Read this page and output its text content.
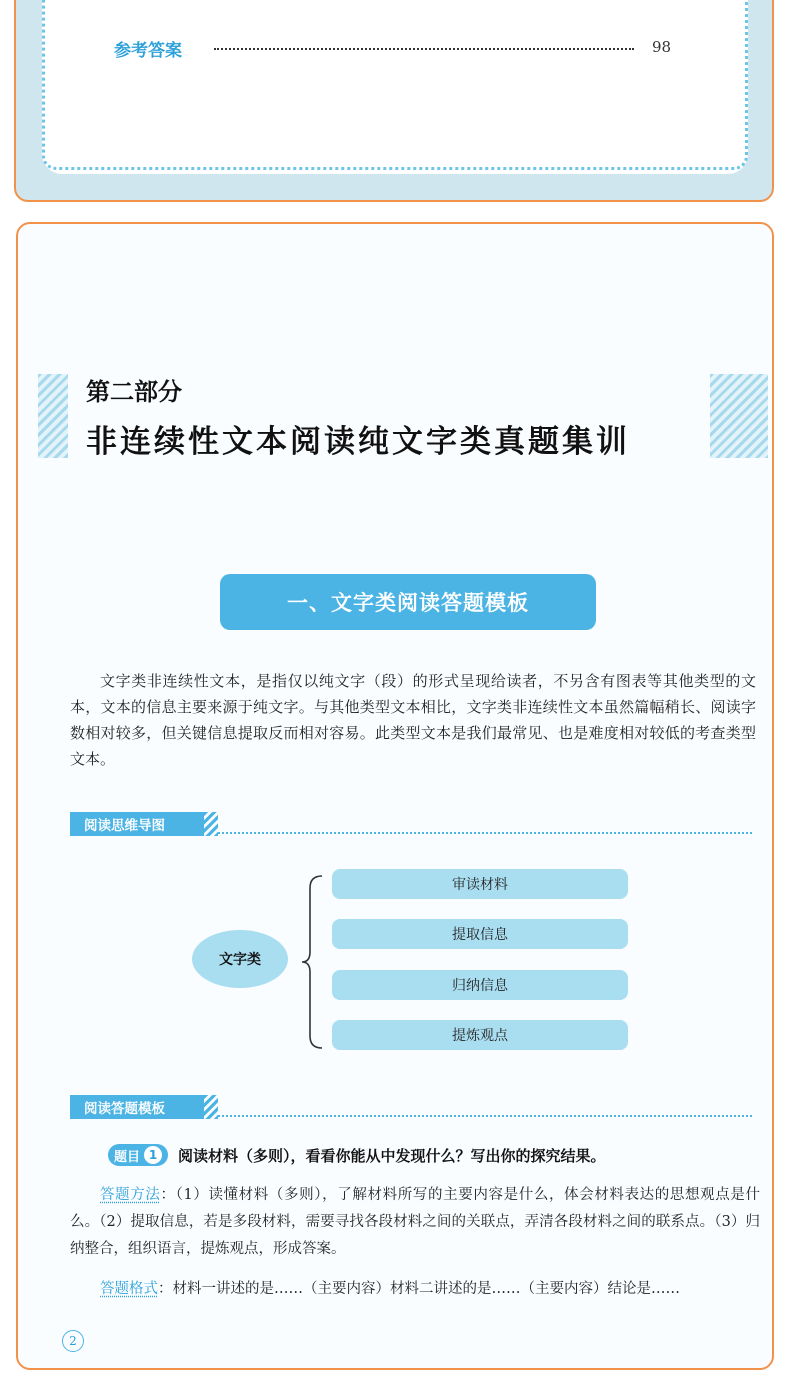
参考答案	98
第二部分
非连续性文本阅读纯文字类真题集训
一、文字类阅读答题模板

文字类非连续性文本，是指仅以纯文字（段）的形式呈现给读者，不另含有图表等其他类型的文本，文本的信息主要来源于纯文字。与其他类型文本相比，文字类非连续性文本虽然篇幅稍长、阅读字数相对较多，但关键信息提取反而相对容易。此类型文本是我们最常见、也是难度相对较低的考查类型文本。

阅读思维导图
文字类
审读材料
提取信息
归纳信息
提炼观点
阅读答题模板
题目 1	阅读材料（多则），看看你能从中发现什么？写出你的探究结果。

答题方法：（1）读懂材料（多则），了解材料所写的主要内容是什么，体会材料表达的思想观点是什么。（2）提取信息，若是多段材料，需要寻找各段材料之间的关联点，弄清各段材料之间的联系点。（3）归纳整合，组织语言，提炼观点，形成答案。

答题格式：材料一讲述的是……（主要内容）材料二讲述的是……（主要内容）结论是……

2
